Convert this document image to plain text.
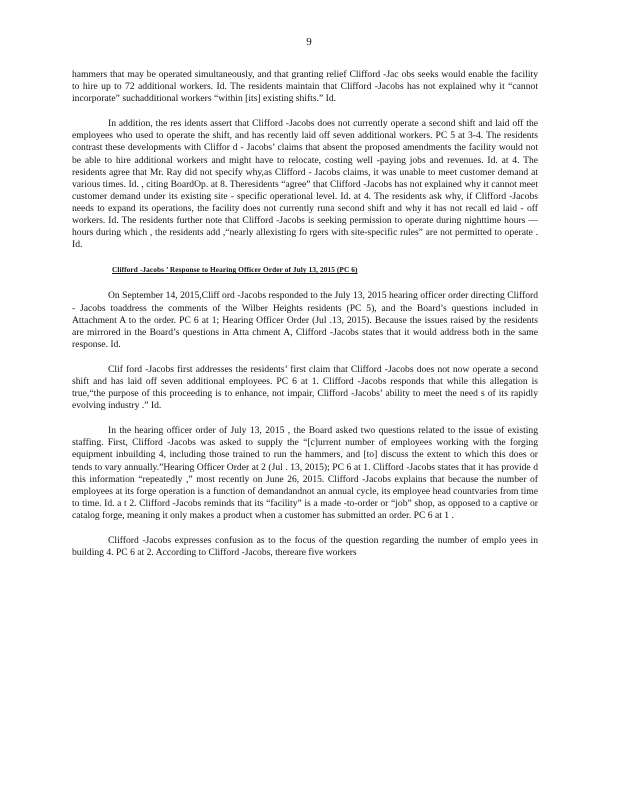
9

hammers that may be operated simultaneously, and that granting relief Clifford -Jac obs seeks would enable the facility to hire up to 72 additional workers. Id. The residents maintain that Clifford -Jacobs has not explained why it “cannot incorporate” suchadditional workers “within [its] existing shifts.” Id.

In addition, the res idents assert that Clifford -Jacobs does not currently operate a second shift and laid off the employees who used to operate the shift, and has recently laid off seven additional workers. PC 5 at 3-4. The residents contrast these developments with Cliffor d - Jacobs’ claims that absent the proposed amendments the facility would not be able to hire additional workers and might have to relocate, costing well -paying jobs and revenues. Id. at 4. The residents agree that Mr. Ray did not specify why,as Clifford - Jacobs claims, it was unable to meet customer demand at various times. Id. , citing BoardOp. at 8. Theresidents “agree” that Clifford -Jacobs has not explained why it cannot meet customer demand under its existing site - specific operational level. Id. at 4. The residents ask why, if Clifford -Jacobs needs to expand its operations, the facility does not currently runa second shift and why it has not recall ed laid - off workers. Id. The residents further note that Clifford -Jacobs is seeking permission to operate during nighttime hours — hours during which , the residents add ,“nearly allexisting fo rgers with site-specific rules” are not permitted to operate . Id.

Clifford -Jacobs ’ Response to Hearing Officer Order of July 13, 2015 (PC 6)

On September 14, 2015,Cliff ord -Jacobs responded to the July 13, 2015 hearing officer order directing Clifford - Jacobs toaddress the comments of the Wilber Heights residents (PC 5), and the Board’s questions included in Attachment A to the order. PC 6 at 1; Hearing Officer Order (Jul .13, 2015). Because the issues raised by the residents are mirrored in the Board’s questions in Atta chment A, Clifford -Jacobs states that it would address both in the same response. Id.

Clif ford -Jacobs first addresses the residents’ first claim that Clifford -Jacobs does not now operate a second shift and has laid off seven additional employees. PC 6 at 1. Clifford -Jacobs responds that while this allegation is true,“the purpose of this proceeding is to enhance, not impair, Clifford -Jacobs’ ability to meet the need s of its rapidly evolving industry .” Id.

In the hearing officer order of July 13, 2015 , the Board asked two questions related to the issue of existing staffing. First, Clifford -Jacobs was asked to supply the “[c]urrent number of employees working with the forging equipment inbuilding 4, including those trained to run the hammers, and [to] discuss the extent to which this does or tends to vary annually.”Hearing Officer Order at 2 (Jul . 13, 2015); PC 6 at 1. Clifford -Jacobs states that it has provide d this information “repeatedly ,” most recently on June 26, 2015. Clifford -Jacobs explains that because the number of employees at its forge operation is a function of demandandnot an annual cycle, its employee head countvaries from time to time. Id. a t 2. Clifford -Jacobs reminds that its “facility” is a made -to-order or “job” shop, as opposed to a captive or catalog forge, meaning it only makes a product when a customer has submitted an order. PC 6 at 1 .

Clifford -Jacobs expresses confusion as to the focus of the question regarding the number of emplo yees in building 4. PC 6 at 2. According to Clifford -Jacobs, thereare five workers
